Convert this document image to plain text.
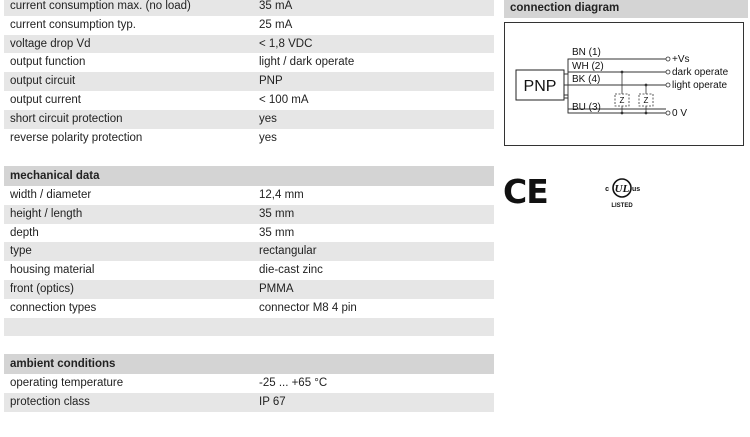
current consumption max. (no load)	35 mA
current consumption typ.	25 mA
voltage drop Vd	< 1,8 VDC
output function	light / dark operate
output circuit	PNP
output current	< 100 mA
short circuit protection	yes
reverse polarity protection	yes
mechanical data
width / diameter	12,4 mm
height / length	35 mm
depth	35 mm
type	rectangular
housing material	die-cast zinc
front (optics)	PMMA
connection types	connector M8 4 pin
ambient conditions
operating temperature	-25 ... +65 °C
protection class	IP 67
connection diagram
PNP
Z Z
BN (1)
WH (2)
BK (4)
BU (3)
+Vs
dark operate
light operate
0 V
CE	UL
c	us
LISTED
